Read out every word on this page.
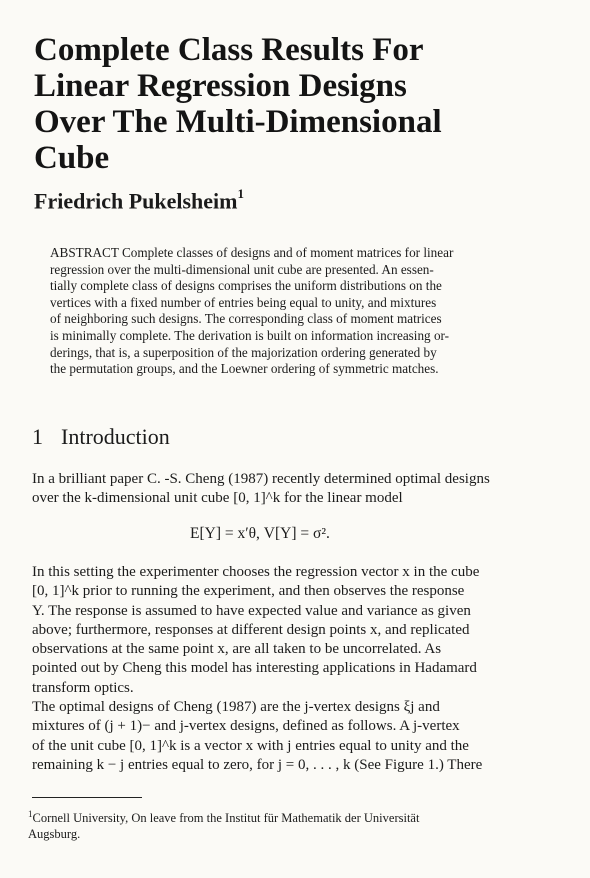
Complete Class Results For
Linear Regression Designs
Over The Multi-Dimensional
Cube

Friedrich Pukelsheim$^1$

ABSTRACT Complete classes of designs and of moment matrices for linear
regression over the multi-dimensional unit cube are presented. An essen-
tially complete class of designs comprises the uniform distributions on the
vertices with a fixed number of entries being equal to unity, and mixtures
of neighboring such designs. The corresponding class of moment matrices
is minimally complete. The derivation is built on information increasing or-
derings, that is, a superposition of the majorization ordering generated by
the permutation groups, and the Loewner ordering of symmetric matches.
1 Introduction
In a brilliant paper C. -S. Cheng (1987) recently determined optimal designs
over the k-dimensional unit cube [0, 1]^k for the linear model
E[Y] = x′θ, V[Y] = σ².
In this setting the experimenter chooses the regression vector x in the cube
[0, 1]^k prior to running the experiment, and then observes the response
Y. The response is assumed to have expected value and variance as given
above; furthermore, responses at different design points x, and replicated
observations at the same point x, are all taken to be uncorrelated. As
pointed out by Cheng this model has interesting applications in Hadamard
transform optics.
The optimal designs of Cheng (1987) are the j-vertex designs ξj and
mixtures of (j + 1)− and j-vertex designs, defined as follows. A j-vertex
of the unit cube [0, 1]^k is a vector x with j entries equal to unity and the
remaining k − j entries equal to zero, for j = 0, . . . , k (See Figure 1.) There
$^1$Cornell University, On leave from the Institut für Mathematik der Universität
Augsburg.
